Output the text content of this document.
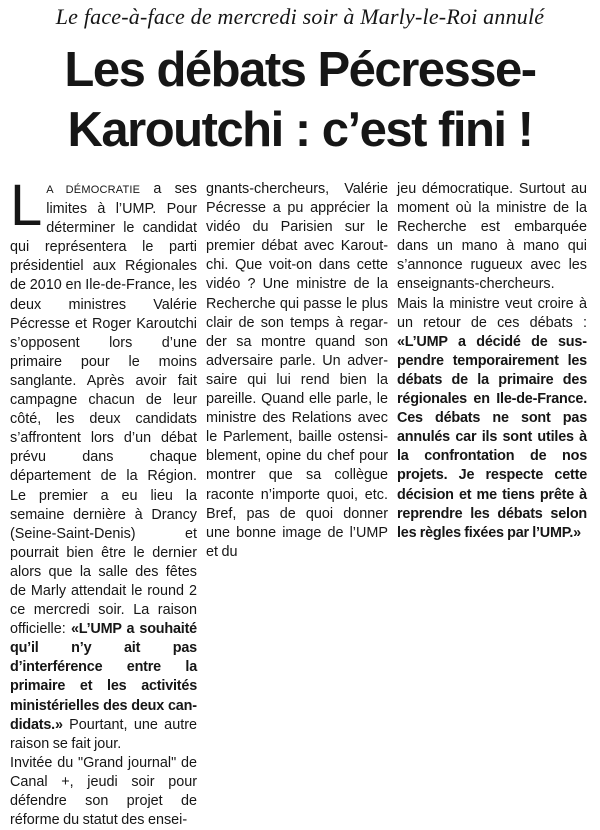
Le face-à-face de mercredi soir à Marly-le-Roi annulé
Les débats Pécresse-
Karoutchi : c’est fini !

LA DÉMOCRATIE a ses limites à l’UMP. Pour déterminer le candidat qui représentera le parti présidentiel aux Régionales de 2010 en Ile-de-France, les deux ministres Valérie Pécresse et Roger Karoutchi s’opposent lors d’une primaire pour le moins sanglante. Après avoir fait campagne chacun de leur côté, les deux candidats s’affrontent lors d’un débat prévu dans chaque département de la Région. Le premier a eu lieu la semaine dernière à Drancy (Seine-Saint-Denis) et pourrait bien être le dernier alors que la salle des fêtes de Marly attendait le round 2 ce mercredi soir. La raison officielle: «L’UMP a souhaité qu’il n’y ait pas d’interférence entre la primaire et les activités ministérielles des deux candidats.» Pourtant, une autre raison se fait jour.

Invitée du "Grand journal" de Canal +, jeudi soir pour défendre son projet de réforme du statut des ensei-

gnants-chercheurs, Valérie Pécresse a pu apprécier la vidéo du Parisien sur le premier débat avec Karoutchi. Que voit-on dans cette vidéo ? Une ministre de la Recherche qui passe le plus clair de son temps à regarder sa montre quand son adversaire parle. Un adversaire qui lui rend bien la pareille. Quand elle parle, le ministre des Relations avec le Parlement, baille ostensiblement, opine du chef pour montrer que sa collègue raconte n’importe quoi, etc. Bref, pas de quoi donner une bonne image de l’UMP et du

jeu démocratique. Surtout au moment où la ministre de la Recherche est embarquée dans un mano à mano qui s’annonce rugueux avec les enseignants-chercheurs. Mais la ministre veut croire à un retour de ces débats : «L’UMP a décidé de suspendre temporairement les débats de la primaire des régionales en Ile-de-France. Ces débats ne sont pas annulés car ils sont utiles à la confrontation de nos projets. Je respecte cette décision et me tiens prête à reprendre les débats selon les règles fixées par l’UMP.»
